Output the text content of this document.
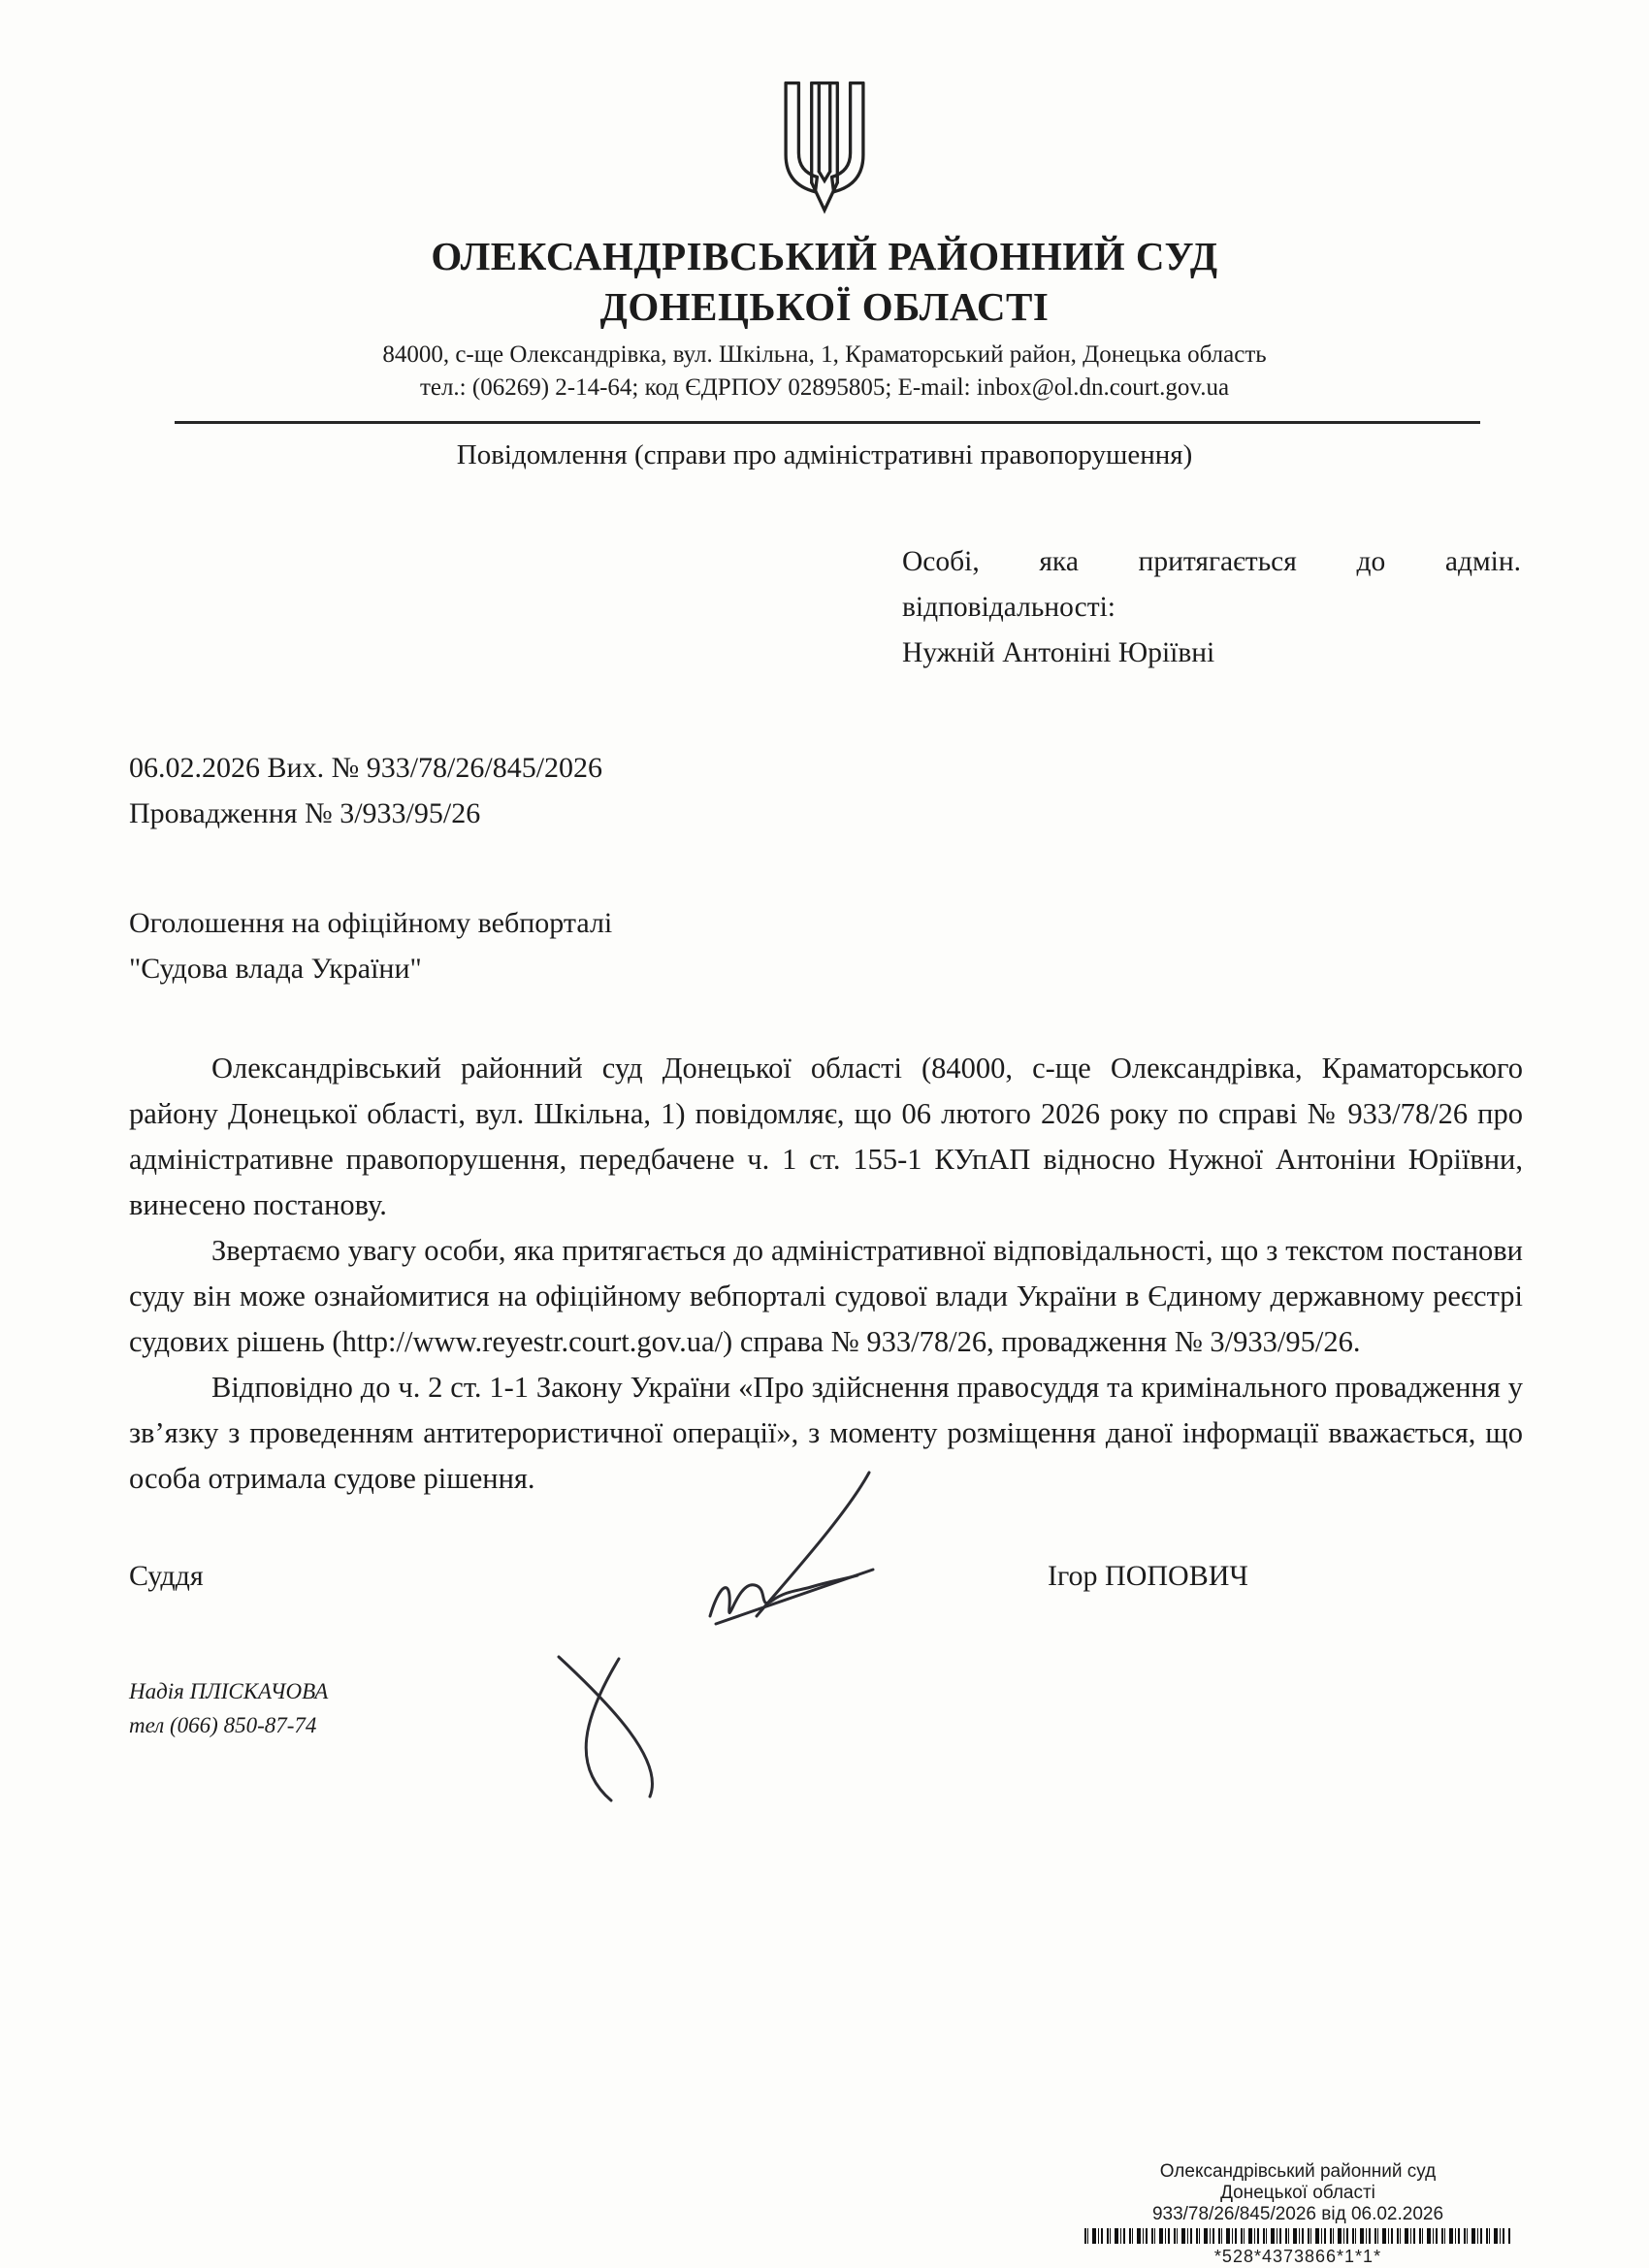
ОЛЕКСАНДРІВСЬКИЙ РАЙОННИЙ СУД
ДОНЕЦЬКОЇ ОБЛАСТІ
84000, с-ще Олександрівка, вул. Шкільна, 1, Краматорський район, Донецька область
тел.: (06269) 2-14-64; код ЄДРПОУ 02895805; E-mail: inbox@ol.dn.court.gov.ua
Повідомлення (справи про адміністративні правопорушення)
Особі, яка притягається до адмін.
відповідальності:
Нужній Антоніні Юріївні
06.02.2026 Вих. № 933/78/26/845/2026
Провадження № 3/933/95/26
Оголошення на офіційному вебпорталі
"Судова влада України"

Олександрівський районний суд Донецької області (84000, с-ще Олександрівка, Краматорського району Донецької області, вул. Шкільна, 1) повідомляє, що 06 лютого 2026 року по справі № 933/78/26 про адміністративне правопорушення, передбачене ч. 1 ст. 155-1 КУпАП відносно Нужної Антоніни Юріївни, винесено постанову.

Звертаємо увагу особи, яка притягається до адміністративної відповідальності, що з текстом постанови суду він може ознайомитися на офіційному вебпорталі судової влади України в Єдиному державному реєстрі судових рішень (http://www.reyestr.court.gov.ua/) справа № 933/78/26, провадження № 3/933/95/26.

Відповідно до ч. 2 ст. 1-1 Закону України «Про здійснення правосуддя та кримінального провадження у зв’язку з проведенням антитерористичної операції», з моменту розміщення даної інформації вважається, що особа отримала судове рішення.

Суддя	Ігор ПОПОВИЧ
Надія ПЛІСКАЧОВА
тел (066) 850-87-74
Олександрівський районний суд
Донецької області
933/78/26/845/2026 від 06.02.2026
*528*4373866*1*1*
